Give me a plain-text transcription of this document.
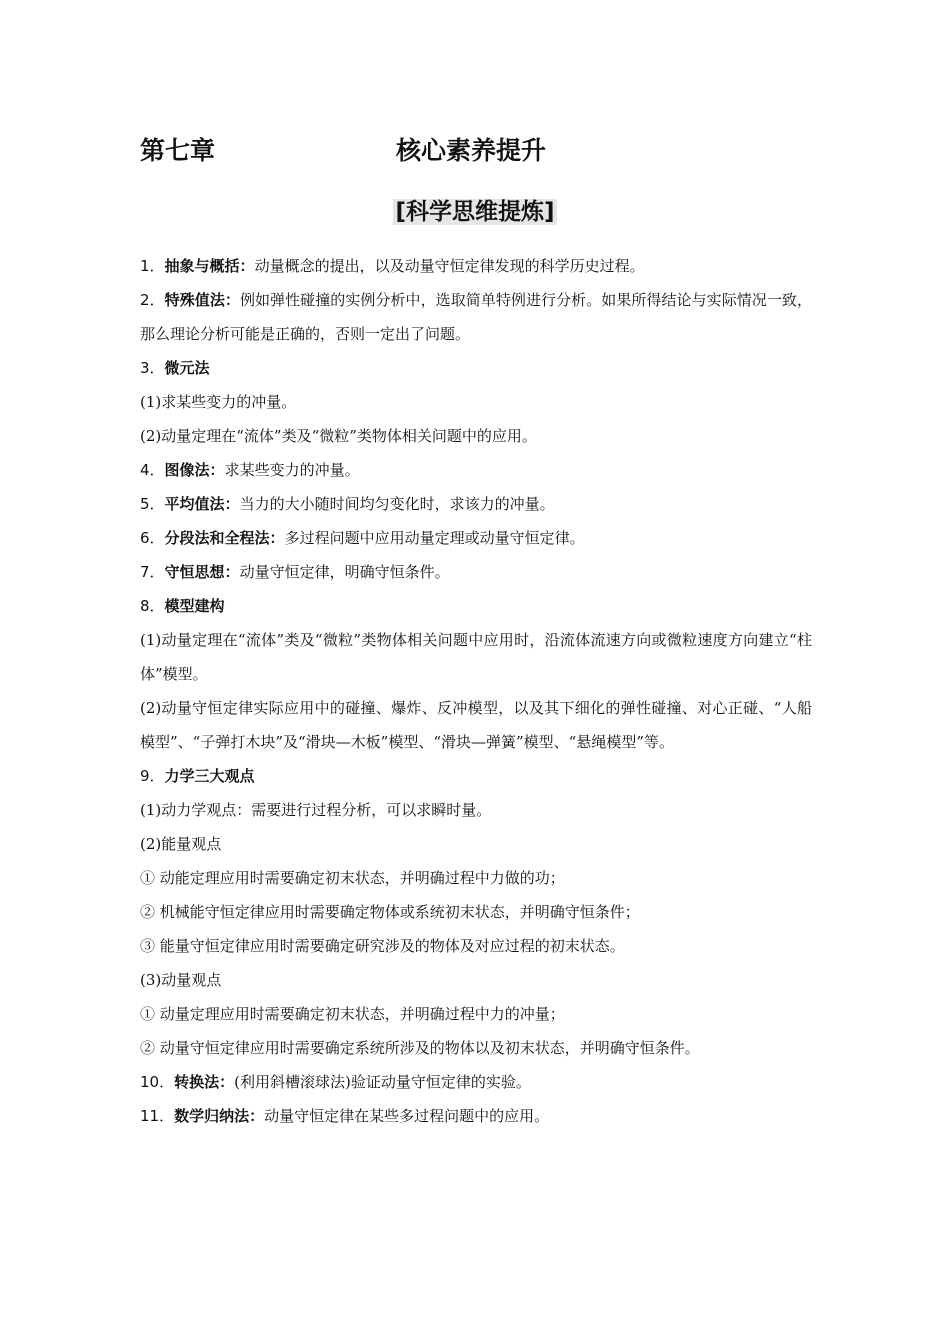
第七章	核心素养提升
[科学思维提炼]
1．抽象与概括：动量概念的提出，以及动量守恒定律发现的科学历史过程。
2．特殊值法：例如弹性碰撞的实例分析中，选取简单特例进行分析。如果所得结论与实际情况一致，那么理论分析可能是正确的，否则一定出了问题。
3．微元法
(1)求某些变力的冲量。
(2)动量定理在“流体”类及“微粒”类物体相关问题中的应用。
4．图像法：求某些变力的冲量。
5．平均值法：当力的大小随时间均匀变化时，求该力的冲量。
6．分段法和全程法：多过程问题中应用动量定理或动量守恒定律。
7．守恒思想：动量守恒定律，明确守恒条件。
8．模型建构
(1)动量定理在“流体”类及“微粒”类物体相关问题中应用时，沿流体流速方向或微粒速度方向建立“柱体”模型。
(2)动量守恒定律实际应用中的碰撞、爆炸、反冲模型，以及其下细化的弹性碰撞、对心正碰、“人船模型”、“子弹打木块”及“滑块—木板”模型、“滑块—弹簧”模型、“悬绳模型”等。
9．力学三大观点
(1)动力学观点：需要进行过程分析，可以求瞬时量。
(2)能量观点
① 动能定理应用时需要确定初末状态，并明确过程中力做的功；
② 机械能守恒定律应用时需要确定物体或系统初末状态，并明确守恒条件；
③ 能量守恒定律应用时需要确定研究涉及的物体及对应过程的初末状态。
(3)动量观点
① 动量定理应用时需要确定初末状态，并明确过程中力的冲量；
② 动量守恒定律应用时需要确定系统所涉及的物体以及初末状态，并明确守恒条件。
10．转换法：(利用斜槽滚球法)验证动量守恒定律的实验。
11．数学归纳法：动量守恒定律在某些多过程问题中的应用。
